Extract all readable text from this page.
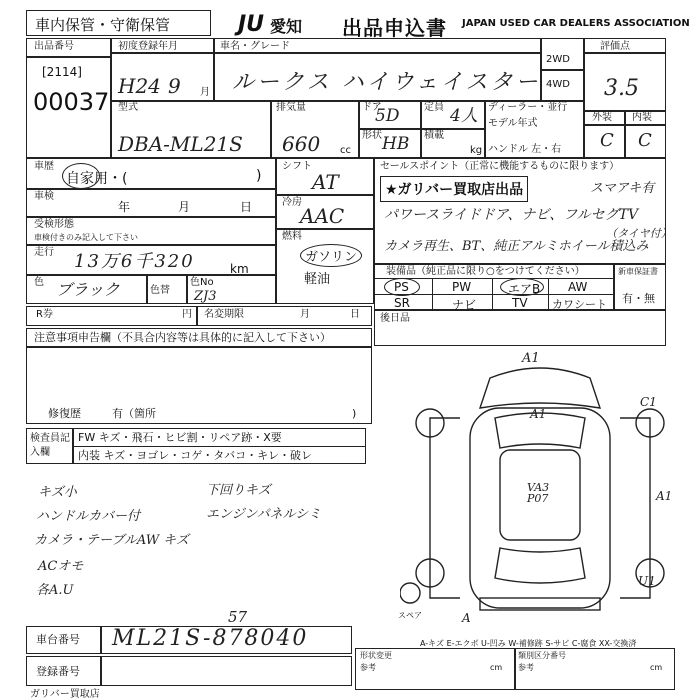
車内保管・守衛保管	JU 愛知 出品申込書 JAPAN USED CAR DEALERS ASSOCIATION
出品番号
[2114]
00037
初度登録年月
H24 9 月
車名・グレード
ルークス ハイウェイスター
2WD
4WD
評価点
3.5
外装 内装
C C
型式
DBA-ML21S
排気量
660 cc
ドア
5D
形状 HB
定員 4人
積載
kg
ディーラー・並行
モデル年式
ハンドル 左・右
車歴
自家用・(	)
車検
年	月	日
受検形態
車検付きのみ記入して下さい
走行 13万6千320	km
色 ブラック	色替
色No
ZJ3
シフト
AT
冷房
AAC
燃料
ガソリン
軽油
セールスポイント（正常に機能するものに限ります）
★ガリバー買取店出品	スマアキ有
パワースライドドア、ナビ、フルセグTV
（タイヤ付）
カメラ再生、BT、純正アルミホイール積込み
装備品（純正品に限り○をつけてください）
PS	PW	エアB AW
SR	ナビ	TV カワシート
新車保証書
有・無
R券	円 名変期限	月	日 後日品
注意事項申告欄（不具合内容等は具体的に記入して下さい）
修復歴	有（箇所	)
検査員記入欄
FW キズ・飛石・ヒビ割・リペア跡・X要
内装 キズ・ヨゴレ・コゲ・タバコ・キレ・破レ
キズ小
ハンドルカバー付
カメラ・テーブルAW キズ
ACオモ
各A.U
下回りキズ
エンジンパネルシミ
A1
A1
VA3 P07	A1
C1
U1
A
スペア
A-キズ E-エクボ U-凹み W-補修跡 S-サビ C-腐食 XX-交換済
57
車台番号 ML21S-878040
登録番号
形状変更
参考	cm
類別区分番号
参考	cm
ガリバー買取店
